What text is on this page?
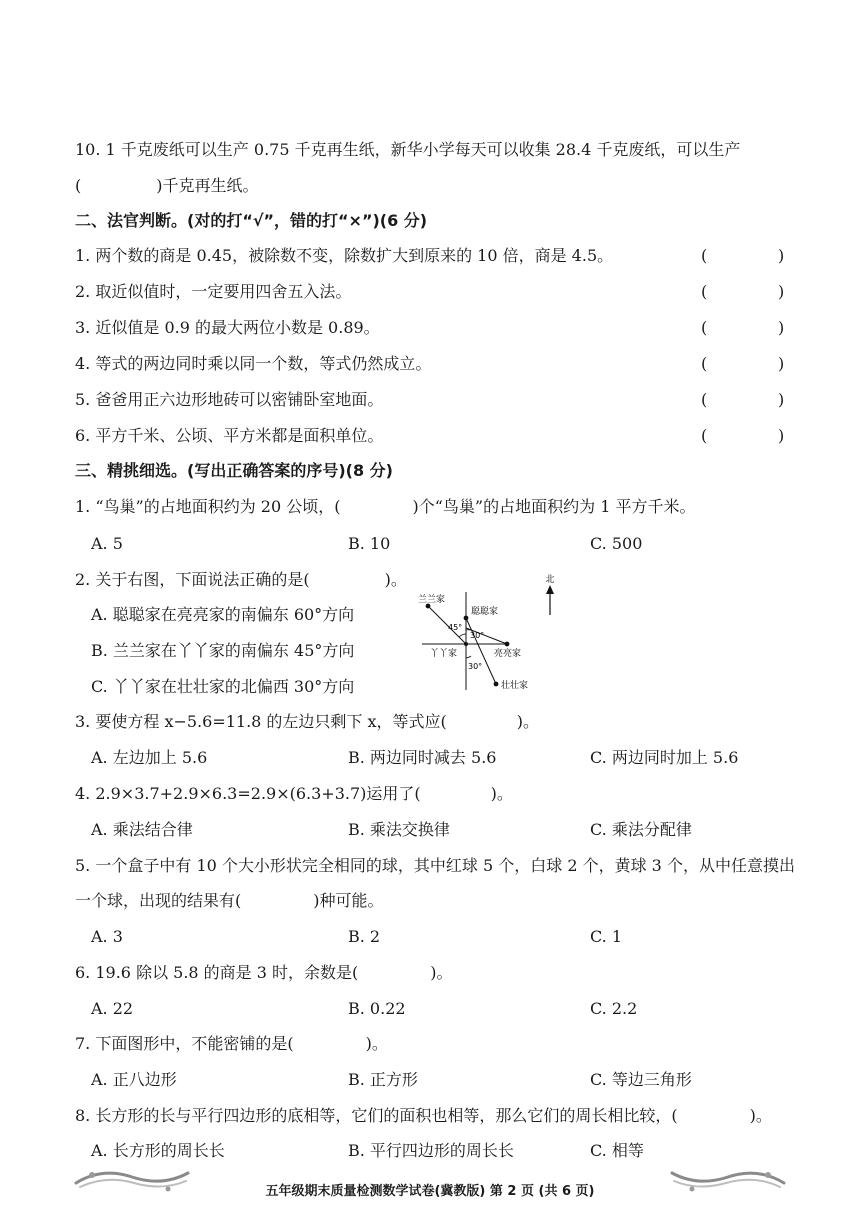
10. 1 千克废纸可以生产 0.75 千克再生纸，新华小学每天可以收集 28.4 千克废纸，可以生产
(	)千克再生纸。
二、法官判断。(对的打“√”，错的打“×”)(6 分)
1. 两个数的商是 0.45，被除数不变，除数扩大到原来的 10 倍，商是 4.5。	(	)
2. 取近似值时，一定要用四舍五入法。	(	)
3. 近似值是 0.9 的最大两位小数是 0.89。	(	)
4. 等式的两边同时乘以同一个数，等式仍然成立。	(	)
5. 爸爸用正六边形地砖可以密铺卧室地面。	(	)
6. 平方千米、公顷、平方米都是面积单位。	(	)
三、精挑细选。(写出正确答案的序号)(8 分)
1. “鸟巢”的占地面积约为 20 公顷，(	)个“鸟巢”的占地面积约为 1 平方千米。
A. 5	B. 10	C. 500
2. 关于右图，下面说法正确的是(	)。
A. 聪聪家在亮亮家的南偏东 60°方向
B. 兰兰家在丫丫家的南偏东 45°方向
C. 丫丫家在壮壮家的北偏西 30°方向
北
兰兰家
聪聪家
亮亮家
丫丫家
壮壮家
45°
30°
30°
3. 要使方程 x−5.6=11.8 的左边只剩下 x，等式应(	)。
A. 左边加上 5.6	B. 两边同时减去 5.6	C. 两边同时加上 5.6
4. 2.9×3.7+2.9×6.3=2.9×(6.3+3.7)运用了(	)。
A. 乘法结合律	B. 乘法交换律	C. 乘法分配律
5. 一个盒子中有 10 个大小形状完全相同的球，其中红球 5 个，白球 2 个，黄球 3 个，从中任意摸出
一个球，出现的结果有(	)种可能。
A. 3	B. 2	C. 1
6. 19.6 除以 5.8 的商是 3 时，余数是(	)。
A. 22	B. 0.22	C. 2.2
7. 下面图形中，不能密铺的是(	)。
A. 正八边形	B. 正方形	C. 等边三角形
8. 长方形的长与平行四边形的底相等，它们的面积也相等，那么它们的周长相比较，(	)。
A. 长方形的周长长	B. 平行四边形的周长长	C. 相等
五年级期末质量检测数学试卷(冀教版) 第 2 页 (共 6 页)
